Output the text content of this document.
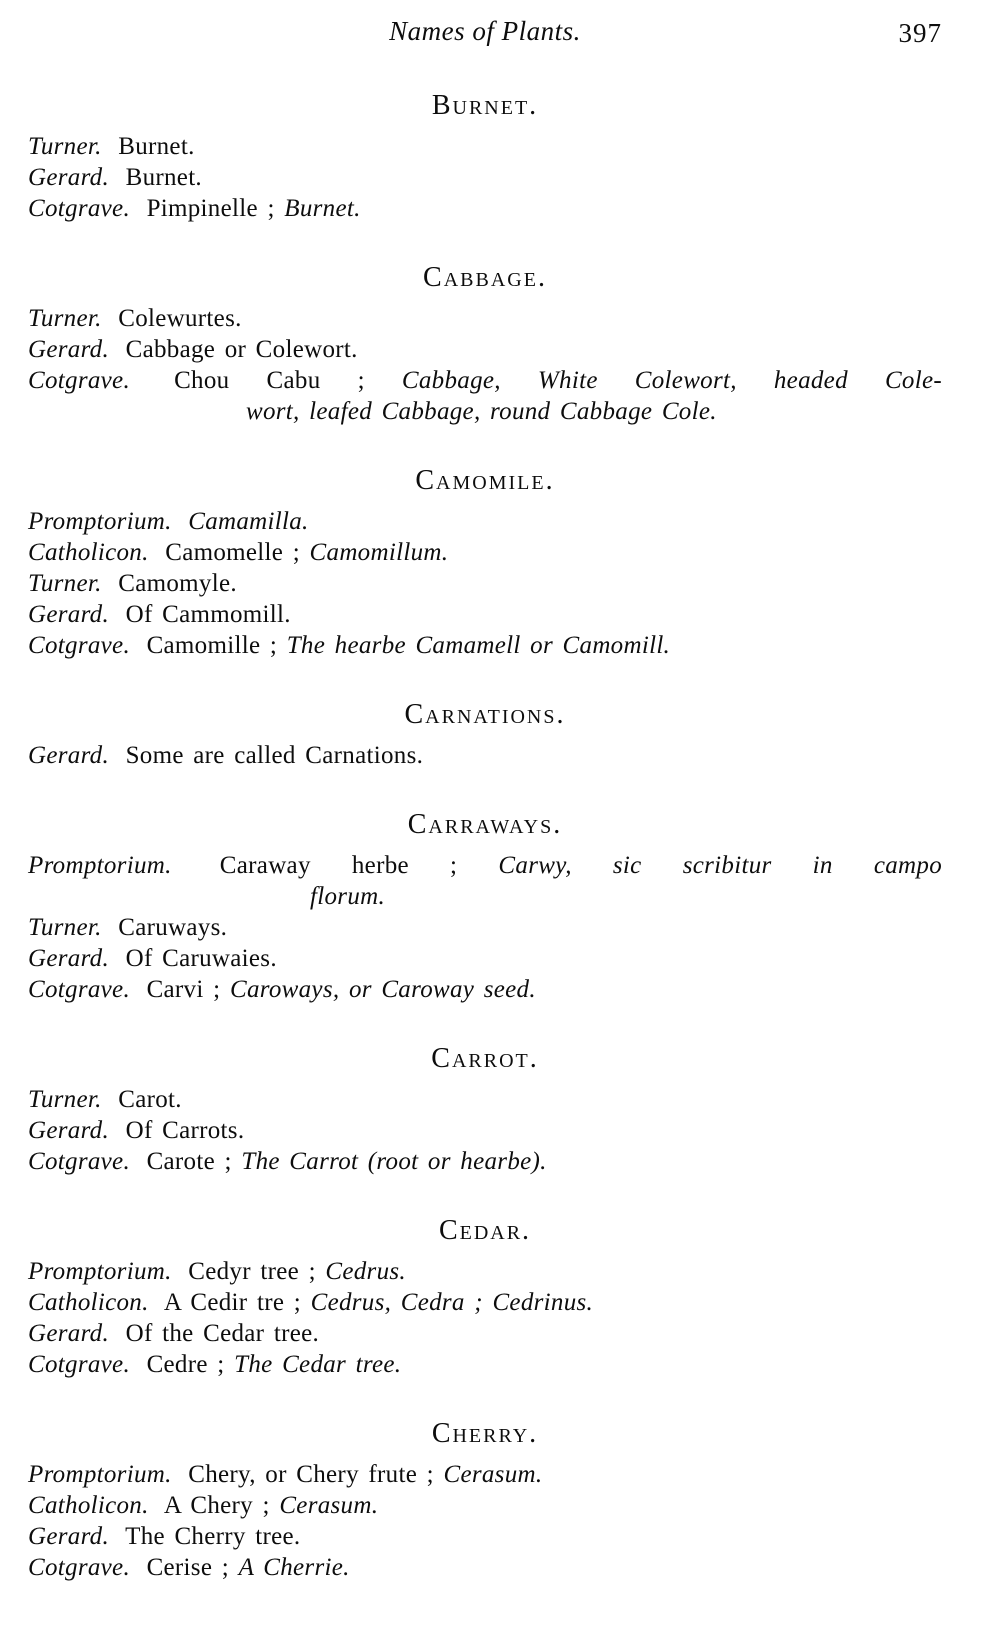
Names of Plants.	397
Burnet.
Turner. Burnet.
Gerard. Burnet.
Cotgrave. Pimpinelle ; Burnet.
Cabbage.
Turner. Colewurtes.
Gerard. Cabbage or Colewort.
Cotgrave. Chou Cabu ; Cabbage, White Colewort, headed Cole-
wort, leafed Cabbage, round Cabbage Cole.
Camomile.
Promptorium. Camamilla.
Catholicon. Camomelle ; Camomillum.
Turner. Camomyle.
Gerard. Of Cammomill.
Cotgrave. Camomille ; The hearbe Camamell or Camomill.
Carnations.
Gerard. Some are called Carnations.
Carraways.
Promptorium. Caraway herbe ; Carwy, sic scribitur in campo
florum.
Turner. Caruways.
Gerard. Of Caruwaies.
Cotgrave. Carvi ; Caroways, or Caroway seed.
Carrot.
Turner. Carot.
Gerard. Of Carrots.
Cotgrave. Carote ; The Carrot (root or hearbe).
Cedar.
Promptorium. Cedyr tree ; Cedrus.
Catholicon. A Cedir tre ; Cedrus, Cedra ; Cedrinus.
Gerard. Of the Cedar tree.
Cotgrave. Cedre ; The Cedar tree.
Cherry.
Promptorium. Chery, or Chery frute ; Cerasum.
Catholicon. A Chery ; Cerasum.
Gerard. The Cherry tree.
Cotgrave. Cerise ; A Cherrie.
